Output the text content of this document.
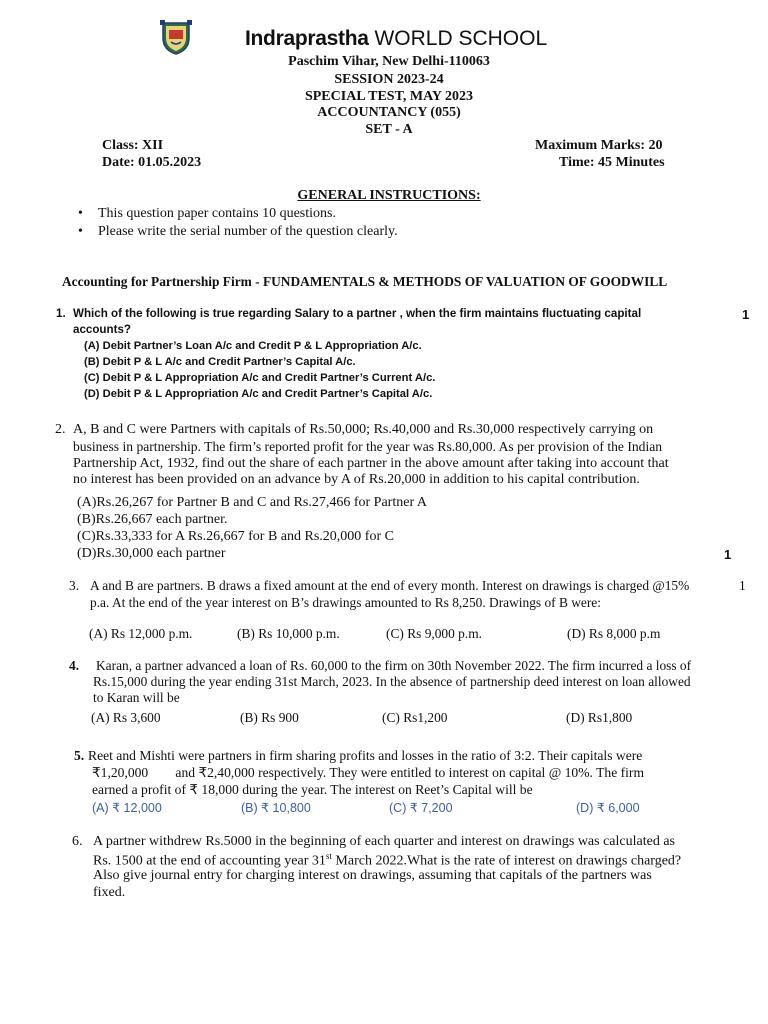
Indraprastha WORLD SCHOOL
Paschim Vihar, New Delhi-110063
SESSION 2023-24
SPECIAL TEST, MAY 2023
ACCOUNTANCY (055)
SET - A
Class: XII	Maximum Marks: 20
Date: 01.05.2023	Time: 45 Minutes
GENERAL INSTRUCTIONS:
• This question paper contains 10 questions.
• Please write the serial number of the question clearly.
Accounting for Partnership Firm - FUNDAMENTALS & METHODS OF VALUATION OF GOODWILL
1. Which of the following is true regarding Salary to a partner , when the firm maintains fluctuating capital
accounts?
1
(A) Debit Partner’s Loan A/c and Credit P & L Appropriation A/c.
(B) Debit P & L A/c and Credit Partner’s Capital A/c.
(C) Debit P & L Appropriation A/c and Credit Partner’s Current A/c.
(D) Debit P & L Appropriation A/c and Credit Partner’s Capital A/c.
2. A, B and C were Partners with capitals of Rs.50,000; Rs.40,000 and Rs.30,000 respectively carrying on
business in partnership. The firm’s reported profit for the year was Rs.80,000. As per provision of the Indian
Partnership Act, 1932, find out the share of each partner in the above amount after taking into account that
no interest has been provided on an advance by A of Rs.20,000 in addition to his capital contribution.
(A)Rs.26,267 for Partner B and C and Rs.27,466 for Partner A
(B)Rs.26,667 each partner.
(C)Rs.33,333 for A Rs.26,667 for B and Rs.20,000 for C
(D)Rs.30,000 each partner	1
3. A and B are partners. B draws a fixed amount at the end of every month. Interest on drawings is charged @15%	1
p.a. At the end of the year interest on B’s drawings amounted to Rs 8,250. Drawings of B were:
(A) Rs 12,000 p.m.	(B) Rs 10,000 p.m.	(C) Rs 9,000 p.m.	(D) Rs 8,000 p.m
4. Karan, a partner advanced a loan of Rs. 60,000 to the firm on 30th November 2022. The firm incurred a loss of
Rs.15,000 during the year ending 31st March, 2023. In the absence of partnership deed interest on loan allowed
to Karan will be
(A) Rs 3,600	(B) Rs 900	(C) Rs1,200	(D) Rs1,800
5. Reet and Mishti were partners in firm sharing profits and losses in the ratio of 3:2. Their capitals were
₹1,20,000        and ₹2,40,000 respectively. They were entitled to interest on capital @ 10%. The firm
earned a profit of ₹ 18,000 during the year. The interest on Reet’s Capital will be
(A) ₹ 12,000	(B) ₹ 10,800	(C) ₹ 7,200	(D) ₹ 6,000
6. A partner withdrew Rs.5000 in the beginning of each quarter and interest on drawings was calculated as
Rs. 1500 at the end of accounting year 31st March 2022.What is the rate of interest on drawings charged?
Also give journal entry for charging interest on drawings, assuming that capitals of the partners was
fixed.
